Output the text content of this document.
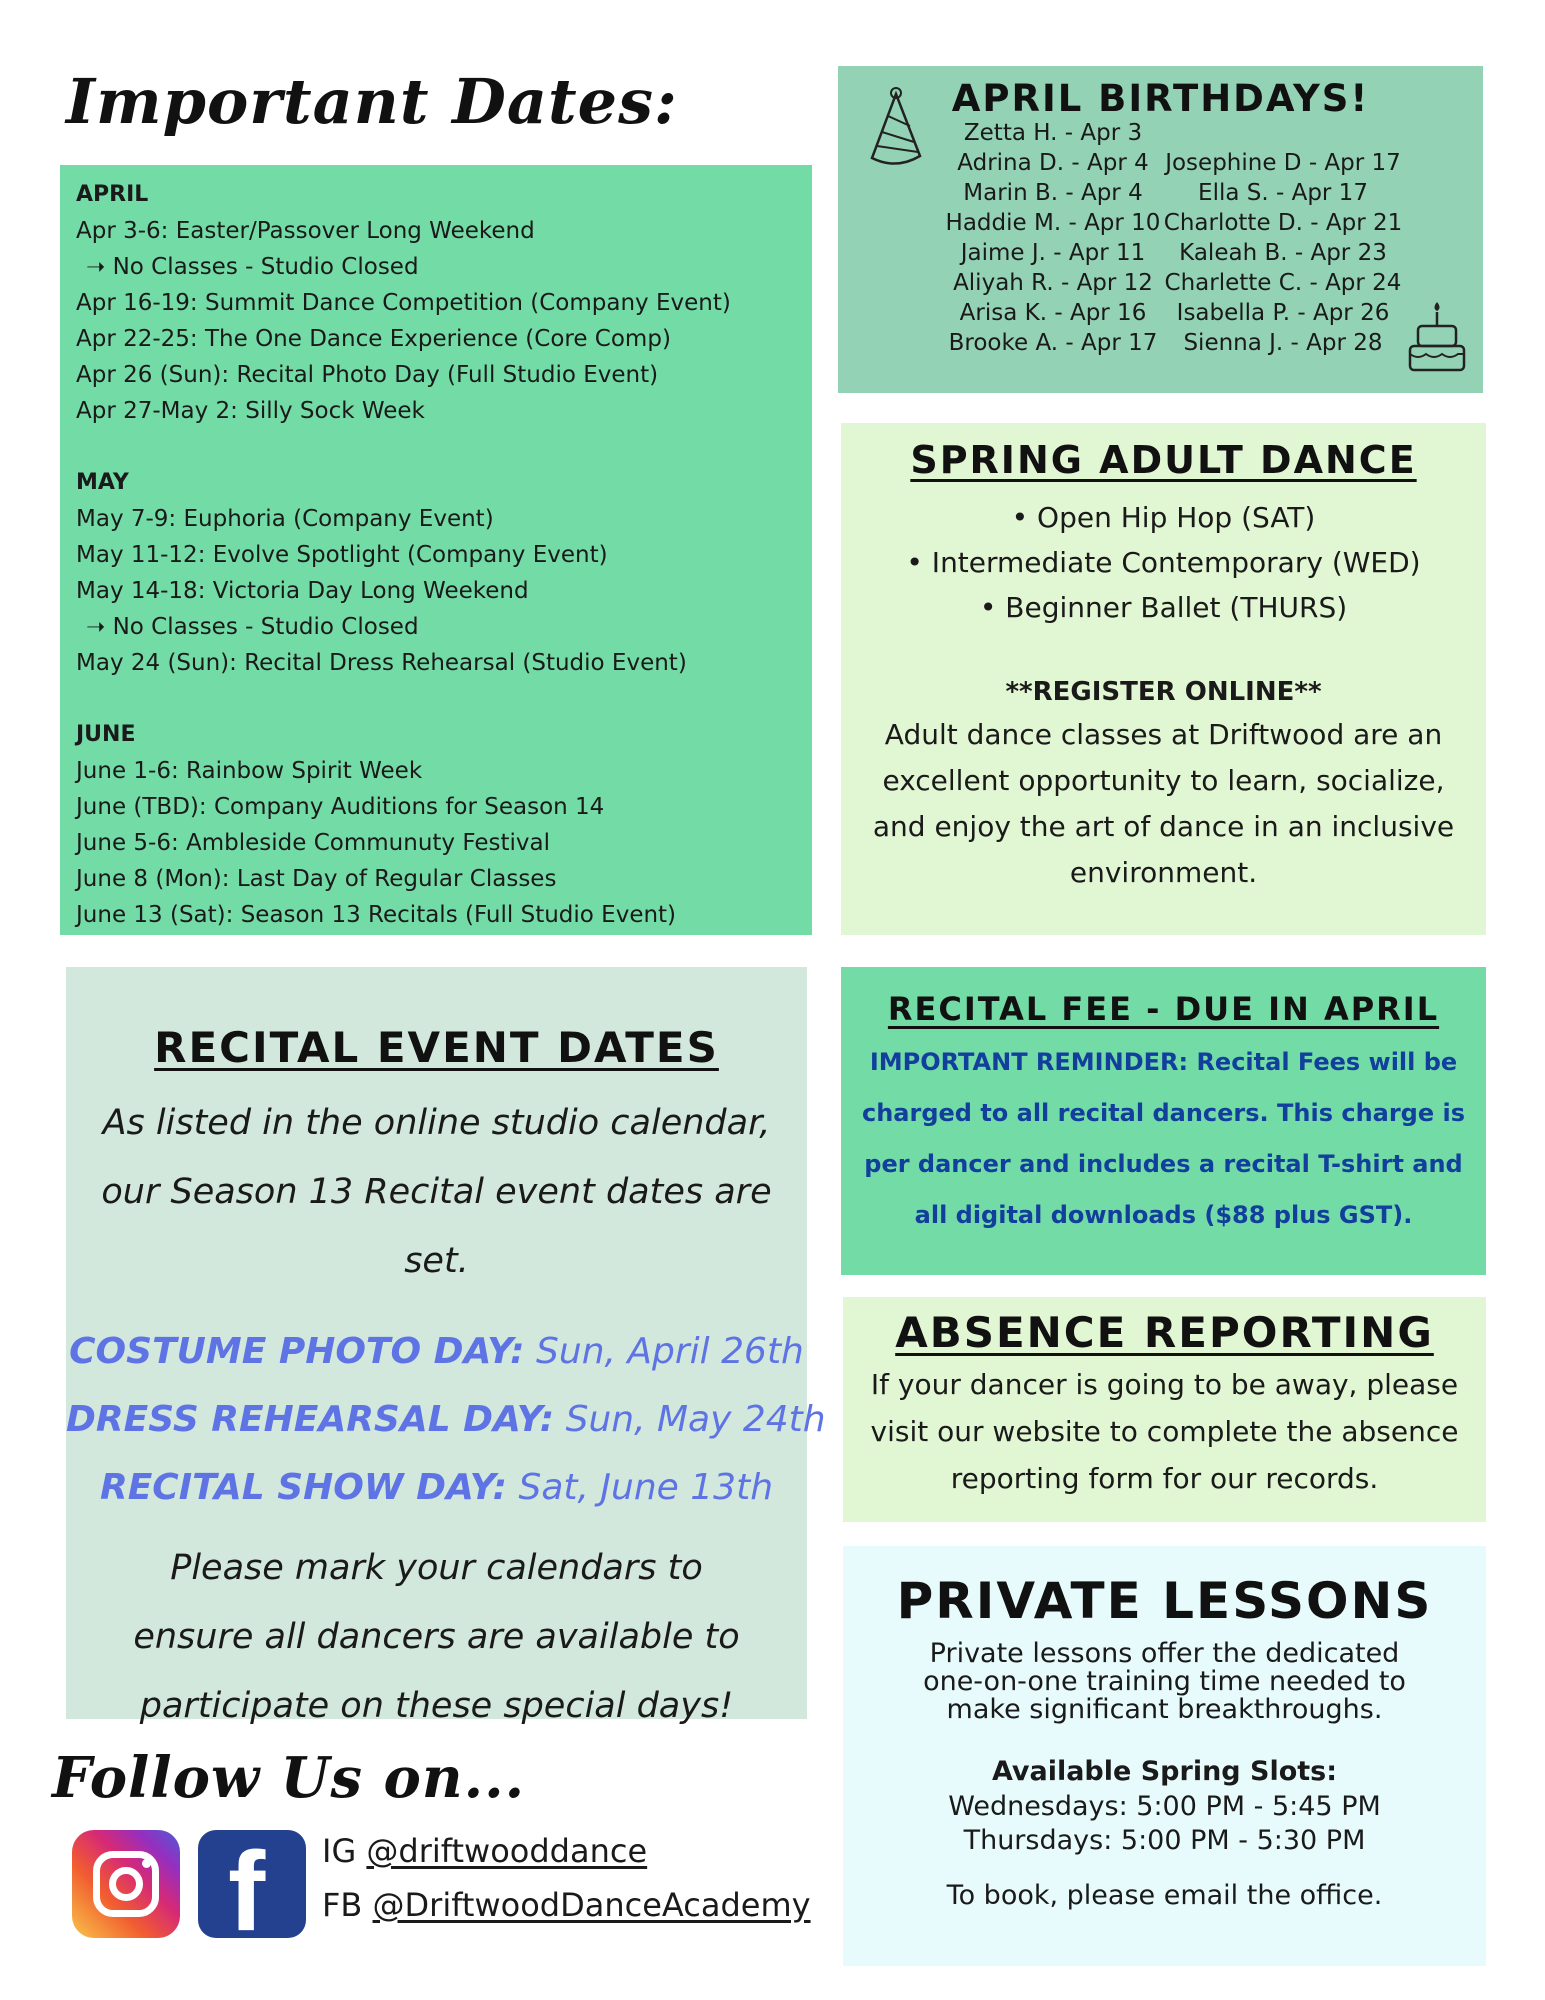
Important Dates:

APRIL

Apr 3-6: Easter/Passover Long Weekend

➝ No Classes - Studio Closed

Apr 16-19: Summit Dance Competition (Company Event)

Apr 22-25: The One Dance Experience (Core Comp)

Apr 26 (Sun): Recital Photo Day (Full Studio Event)

Apr 27-May 2: Silly Sock Week

MAY

May 7-9: Euphoria (Company Event)

May 11-12: Evolve Spotlight (Company Event)

May 14-18: Victoria Day Long Weekend

➝ No Classes - Studio Closed

May 24 (Sun): Recital Dress Rehearsal (Studio Event)

JUNE

June 1-6: Rainbow Spirit Week

June (TBD): Company Auditions for Season 14

June 5-6: Ambleside Communuty Festival

June 8 (Mon): Last Day of Regular Classes

June 13 (Sat): Season 13 Recitals (Full Studio Event)

APRIL BIRTHDAYS!
Zetta H. - Apr 3
Adrina D. - Apr 4
Marin B. - Apr 4
Haddie M. - Apr 10
Jaime J. - Apr 11
Aliyah R. - Apr 12
Arisa K. - Apr 16
Brooke A. - Apr 17
Josephine D - Apr 17
Ella S. - Apr 17
Charlotte D. - Apr 21
Kaleah B. - Apr 23
Charlette C. - Apr 24
Isabella P. - Apr 26
Sienna J. - Apr 28
SPRING ADULT DANCE
• Open Hip Hop (SAT)
• Intermediate Contemporary (WED)
• Beginner Ballet (THURS)
**REGISTER ONLINE**
Adult dance classes at Driftwood are an excellent opportunity to learn, socialize, and enjoy the art of dance in an inclusive environment.
RECITAL EVENT DATES
As listed in the online studio calendar, our Season 13 Recital event dates are set.
COSTUME PHOTO DAY: Sun, April 26th
DRESS REHEARSAL DAY: Sun, May 24th
RECITAL SHOW DAY: Sat, June 13th
Please mark your calendars to ensure all dancers are available to participate on these special days!
RECITAL FEE - DUE IN APRIL
IMPORTANT REMINDER: Recital Fees will be charged to all recital dancers. This charge is per dancer and includes a recital T-shirt and all digital downloads ($88 plus GST).
ABSENCE REPORTING
If your dancer is going to be away, please visit our website to complete the absence reporting form for our records.
PRIVATE LESSONS
Private lessons offer the dedicated one-on-one training time needed to make significant breakthroughs.
Available Spring Slots:
Wednesdays: 5:00 PM - 5:45 PM
Thursdays: 5:00 PM - 5:30 PM
To book, please email the office.
Follow Us on...
f	IG @driftwooddance
FB @DriftwoodDanceAcademy
